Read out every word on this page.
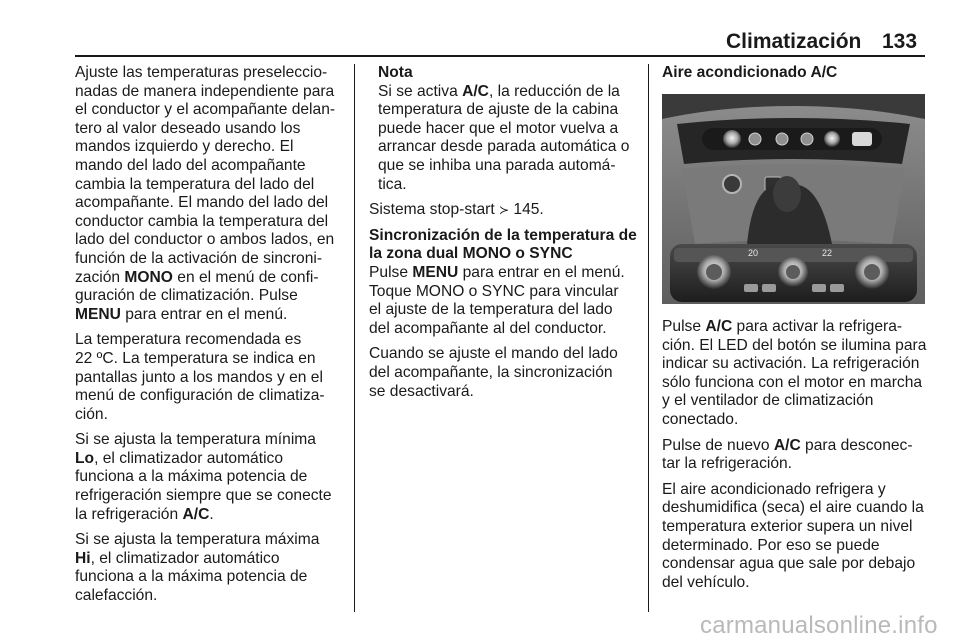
Climatización 133
Ajuste las temperaturas preseleccio-
nadas de manera independiente para
el conductor y el acompañante delan-
tero al valor deseado usando los
mandos izquierdo y derecho. El
mando del lado del acompañante
cambia la temperatura del lado del
acompañante. El mando del lado del
conductor cambia la temperatura del
lado del conductor o ambos lados, en
función de la activación de sincroni-
zación MONO en el menú de confi-
guración de climatización. Pulse
MENU para entrar en el menú.
La temperatura recomendada es
22 ºC. La temperatura se indica en
pantallas junto a los mandos y en el
menú de configuración de climatiza-
ción.
Si se ajusta la temperatura mínima
Lo, el climatizador automático
funciona a la máxima potencia de
refrigeración siempre que se conecte
la refrigeración A/C.
Si se ajusta la temperatura máxima
Hi, el climatizador automático
funciona a la máxima potencia de
calefacción.
Nota
Si se activa A/C, la reducción de la
temperatura de ajuste de la cabina
puede hacer que el motor vuelva a
arrancar desde parada automática o
que se inhiba una parada automá-
tica.
Sistema stop-start ≻ 145.
Sincronización de la temperatura de
la zona dual MONO o SYNC
Pulse MENU para entrar en el menú.
Toque MONO o SYNC para vincular
el ajuste de la temperatura del lado
del acompañante al del conductor.
Cuando se ajuste el mando del lado
del acompañante, la sincronización
se desactivará.
Aire acondicionado A/C
20	22
Pulse A/C para activar la refrigera-
ción. El LED del botón se ilumina para
indicar su activación. La refrigeración
sólo funciona con el motor en marcha
y el ventilador de climatización
conectado.
Pulse de nuevo A/C para desconec-
tar la refrigeración.
El aire acondicionado refrigera y
deshumidifica (seca) el aire cuando la
temperatura exterior supera un nivel
determinado. Por eso se puede
condensar agua que sale por debajo
del vehículo.
carmanualsonline.info
